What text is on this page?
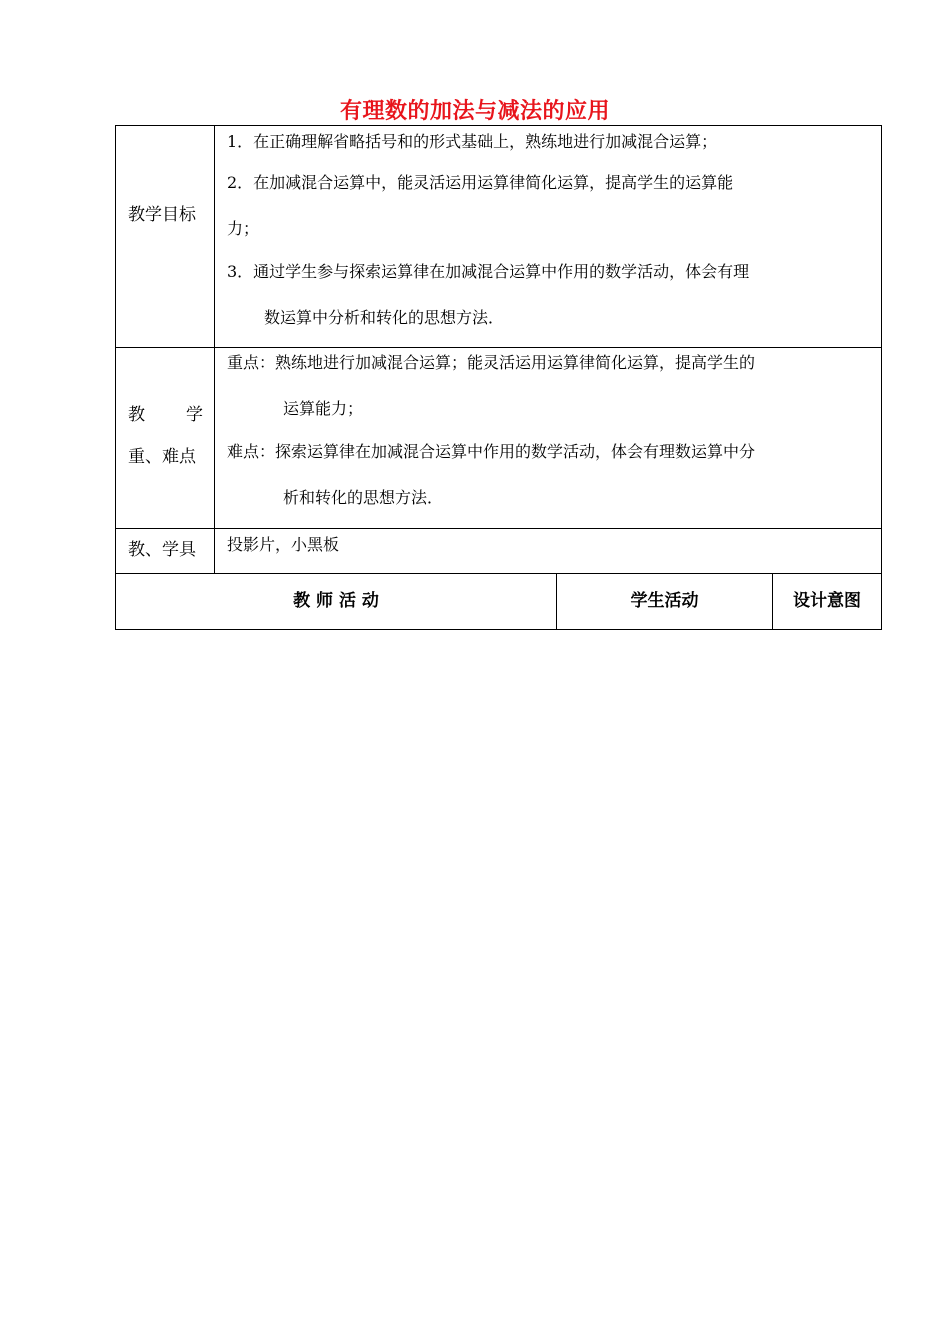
有理数的加法与减法的应用
教学目标
1．在正确理解省略括号和的形式基础上，熟练地进行加减混合运算；
2．在加减混合运算中，能灵活运用运算律简化运算，提高学生的运算能
力；
3．通过学生参与探索运算律在加减混合运算中作用的数学活动，体会有理
数运算中分析和转化的思想方法．
教 学
重、难点
重点：熟练地进行加减混合运算；能灵活运用运算律简化运算，提高学生的
运算能力；
难点：探索运算律在加减混合运算中作用的数学活动，体会有理数运算中分
析和转化的思想方法．
教、学具 投影片，小黑板
教 师 活 动	学生活动	设计意图
